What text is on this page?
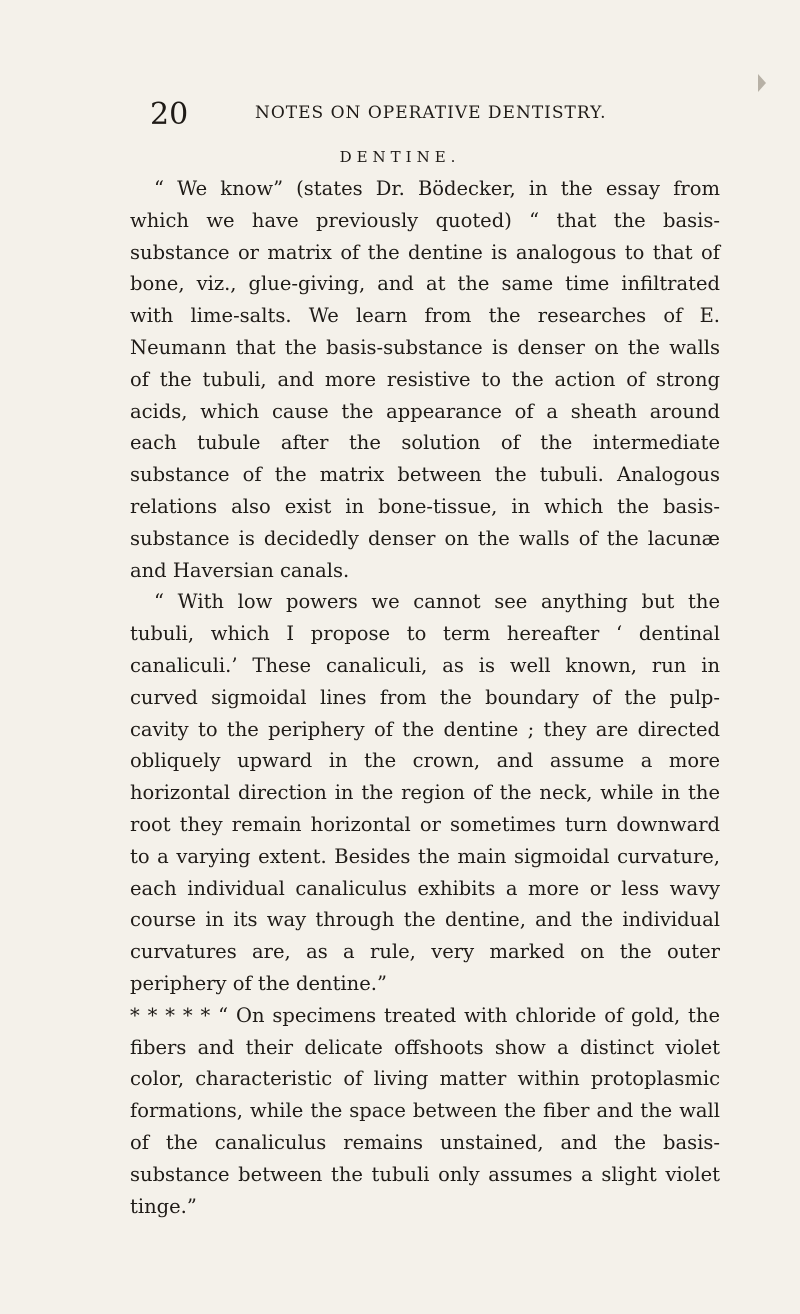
20	NOTES ON OPERATIVE DENTISTRY.
DENTINE.

“ We know” (states Dr. Bödecker, in the essay from which we have previously quoted) “ that the basis-substance or matrix of the dentine is analogous to that of bone, viz., glue-giving, and at the same time infiltrated with lime-salts. We learn from the researches of E. Neumann that the basis-substance is denser on the walls of the tubuli, and more resistive to the action of strong acids, which cause the appearance of a sheath around each tubule after the solution of the intermediate substance of the matrix between the tubuli. Analogous relations also exist in bone-tissue, in which the basis-substance is decidedly denser on the walls of the lacunæ and Haversian canals.

“ With low powers we cannot see anything but the tubuli, which I propose to term hereafter ‘ dentinal canaliculi.’ These canaliculi, as is well known, run in curved sigmoidal lines from the boundary of the pulp-cavity to the periphery of the dentine ; they are directed obliquely upward in the crown, and assume a more horizontal direction in the region of the neck, while in the root they remain horizontal or sometimes turn downward to a varying extent. Besides the main sigmoidal curvature, each individual canaliculus exhibits a more or less wavy course in its way through the dentine, and the individual curvatures are, as a rule, very marked on the outer periphery of the dentine.”

* * * * * “ On specimens treated with chloride of gold, the fibers and their delicate offshoots show a distinct violet color, characteristic of living matter within protoplasmic formations, while the space between the fiber and the wall of the canaliculus remains unstained, and the basis-substance between the tubuli only assumes a slight violet tinge.”
